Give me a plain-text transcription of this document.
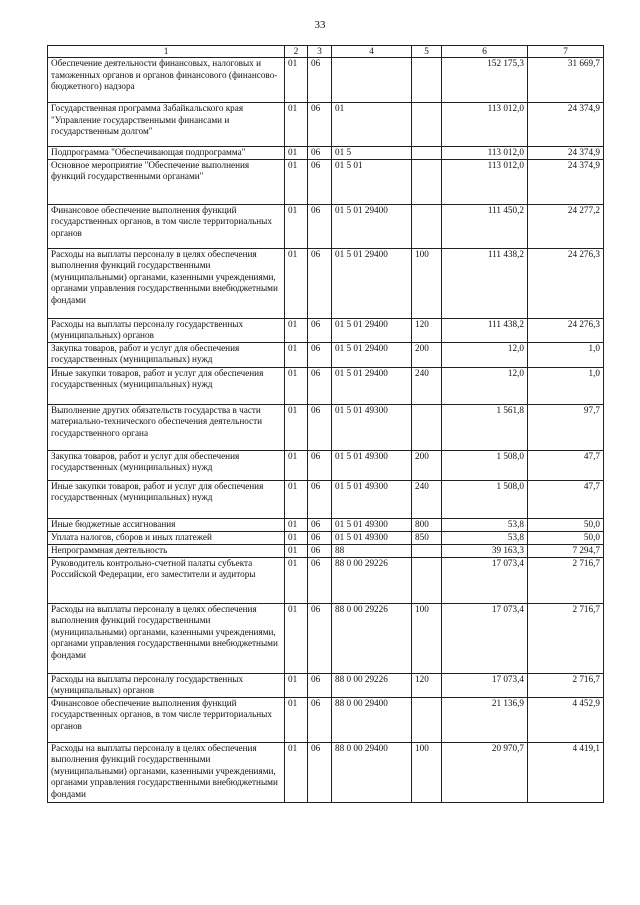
33
1	2	3	4	5	6	7
Обеспечение деятельности финансовых, налоговых и таможенных органов и органов финансового (финансово-бюджетного) надзора	01	06			152 175,3	31 669,7
Государственная программа Забайкальского края "Управление государственными финансами и государственным долгом"	01	06	01		113 012,0	24 374,9
Подпрограмма "Обеспечивающая подпрограмма"	01	06	01 5		113 012,0	24 374,9
Основное мероприятие "Обеспечение выполнения функций государственными органами"	01	06	01 5 01		113 012,0	24 374,9
Финансовое обеспечение выполнения функций государственных органов, в том числе территориальных органов	01	06	01 5 01 29400		111 450,2	24 277,2
Расходы на выплаты персоналу в целях обеспечения выполнения функций государственными (муниципальными) органами, казенными учреждениями, органами управления государственными внебюджетными фондами	01	06	01 5 01 29400	100	111 438,2	24 276,3
Расходы на выплаты персоналу государственных (муниципальных) органов	01	06	01 5 01 29400	120	111 438,2	24 276,3
Закупка товаров, работ и услуг для обеспечения государственных (муниципальных) нужд	01	06	01 5 01 29400	200	12,0	1,0
Иные закупки товаров, работ и услуг для обеспечения государственных (муниципальных) нужд	01	06	01 5 01 29400	240	12,0	1,0
Выполнение других обязательств государства в части материально-технического обеспечения деятельности государственного органа	01	06	01 5 01 49300		1 561,8	97,7
Закупка товаров, работ и услуг для обеспечения государственных (муниципальных) нужд	01	06	01 5 01 49300	200	1 508,0	47,7
Иные закупки товаров, работ и услуг для обеспечения государственных (муниципальных) нужд	01	06	01 5 01 49300	240	1 508,0	47,7
Иные бюджетные ассигнования	01	06	01 5 01 49300	800	53,8	50,0
Уплата налогов, сборов и иных платежей	01	06	01 5 01 49300	850	53,8	50,0
Непрограммная деятельность	01	06	88		39 163,3	7 294,7
Руководитель контрольно-счетной палаты субъекта Российской Федерации, его заместители и аудиторы	01	06	88 0 00 29226		17 073,4	2 716,7
Расходы на выплаты персоналу в целях обеспечения выполнения функций государственными (муниципальными) органами, казенными учреждениями, органами управления государственными внебюджетными фондами	01	06	88 0 00 29226	100	17 073,4	2 716,7
Расходы на выплаты персоналу государственных (муниципальных) органов	01	06	88 0 00 29226	120	17 073,4	2 716,7
Финансовое обеспечение выполнения функций государственных органов, в том числе территориальных органов	01	06	88 0 00 29400		21 136,9	4 452,9
Расходы на выплаты персоналу в целях обеспечения выполнения функций государственными (муниципальными) органами, казенными учреждениями, органами управления государственными внебюджетными фондами	01	06	88 0 00 29400	100	20 970,7	4 419,1
